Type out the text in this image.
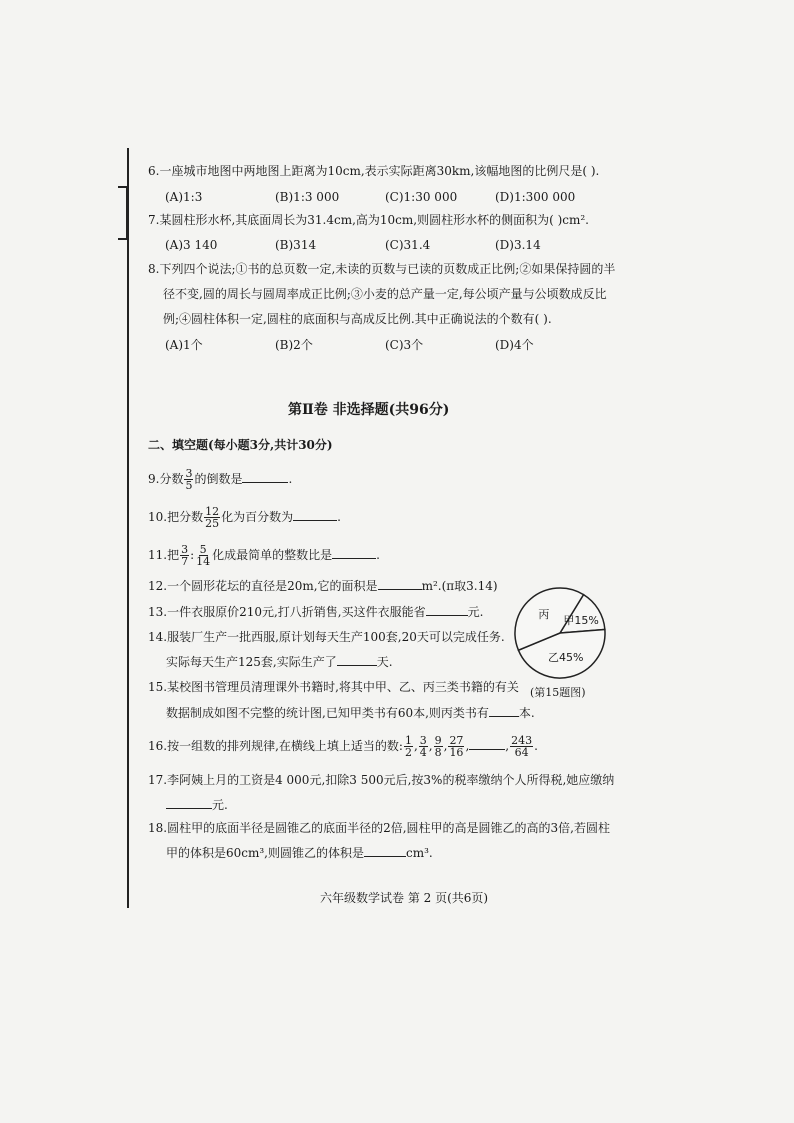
6.一座城市地图中两地图上距离为10cm,表示实际距离30km,该幅地图的比例尺是( ).
(A)1:3	(B)1:3 000	(C)1:30 000	(D)1:300 000
7.某圆柱形水杯,其底面周长为31.4cm,高为10cm,则圆柱形水杯的侧面积为( )cm².
(A)3 140	(B)314	(C)31.4	(D)3.14
8.下列四个说法;①书的总页数一定,未读的页数与已读的页数成正比例;②如果保持圆的半
径不变,圆的周长与圆周率成正比例;③小麦的总产量一定,每公顷产量与公顷数成反比
例;④圆柱体积一定,圆柱的底面积与高成反比例.其中正确说法的个数有( ).
(A)1个	(B)2个	(C)3个	(D)4个
第Ⅱ卷 非选择题(共96分)
二、填空题(每小题3分,共计30分)
9.分数 $\frac{3}{5}$ 的倒数是	.
10.把分数 $\frac{12}{25}$ 化为百分数为	.
11.把 $\frac{3}{7}$ : $\frac{5}{14}$ 化成最简单的整数比是	.
12.一个圆形花坛的直径是20m,它的面积是	m².(π取3.14)
13.一件衣服原价210元,打八折销售,买这件衣服能省	元.
14.服装厂生产一批西服,原计划每天生产100套,20天可以完成任务.
实际每天生产125套,实际生产了	天.
甲15%
乙45%
丙
(第15题图)
15.某校图书管理员清理课外书籍时,将其中甲、乙、丙三类书籍的有关
数据制成如图不完整的统计图,已知甲类书有60本,则丙类书有	本.
16.按一组数的排列规律,在横线上填上适当的数: $\frac{1}{2}$ , $\frac{3}{4}$ , $\frac{9}{8}$ , $\frac{27}{16}$ ,	, $\frac{243}{64}$ .
17.李阿姨上月的工资是4 000元,扣除3 500元后,按3%的税率缴纳个人所得税,她应缴纳
元.
18.圆柱甲的底面半径是圆锥乙的底面半径的2倍,圆柱甲的高是圆锥乙的高的3倍,若圆柱
甲的体积是60cm³,则圆锥乙的体积是	cm³.
六年级数学试卷 第 2 页(共6页)
